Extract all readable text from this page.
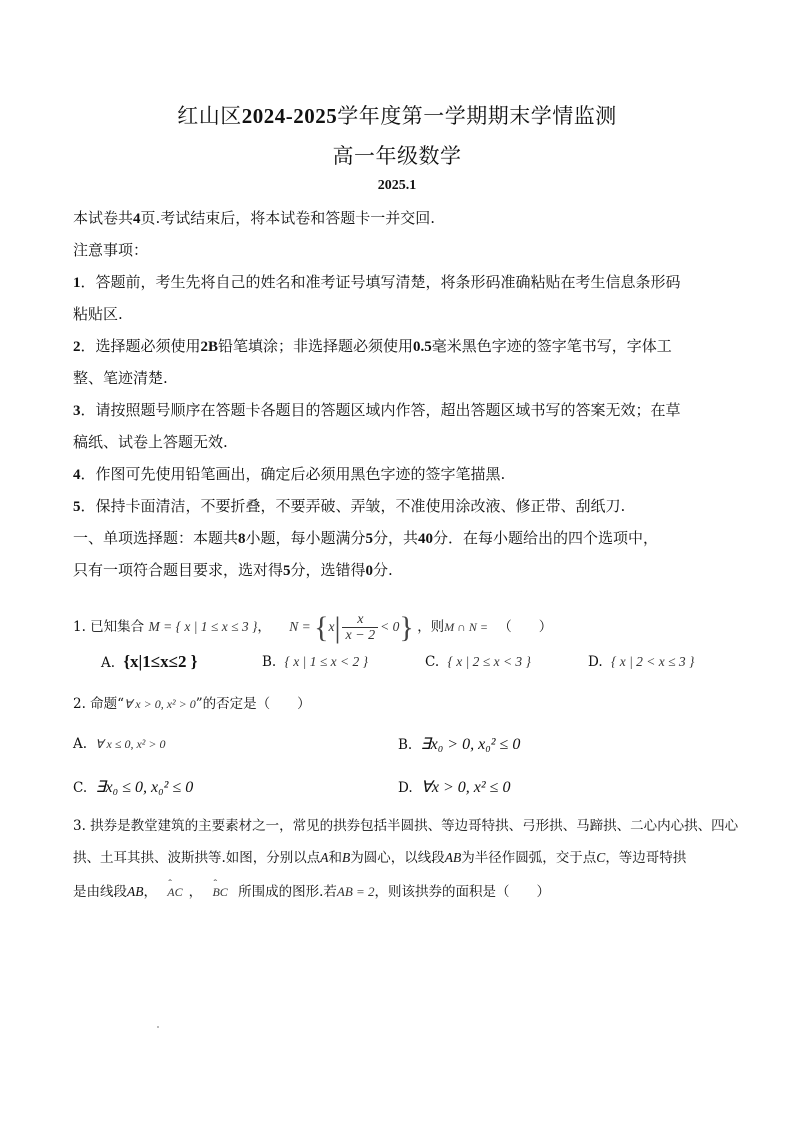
红山区2024-2025学年度第一学期期末学情监测
高一年级数学
2025.1
本试卷共4页.考试结束后，将本试卷和答题卡一并交回.
注意事项：
1．答题前，考生先将自己的姓名和准考证号填写清楚，将条形码准确粘贴在考生信息条形码
粘贴区.
2．选择题必须使用2B铅笔填涂；非选择题必须使用0.5毫米黑色字迹的签字笔书写，字体工
整、笔迹清楚.
3．请按照题号顺序在答题卡各题目的答题区域内作答，超出答题区域书写的答案无效；在草
稿纸、试卷上答题无效.
4．作图可先使用铅笔画出，确定后必须用黑色字迹的签字笔描黑.
5．保持卡面清洁，不要折叠，不要弄破、弄皱，不准使用涂改液、修正带、刮纸刀.
一、单项选择题：本题共8小题，每小题满分5分，共40分．在每小题给出的四个选项中，
只有一项符合题目要求，选对得5分，选错得0分.
1. 已知集合 M = { x | 1 ≤ x ≤ 3 }， $N = \{x| \frac{x}{x - 2} < 0\}$ ，则M ∩ N = （　　）
A. {x|1≤x≤2 }	B. { x | 1 ≤ x < 2 }	C. { x | 2 ≤ x < 3 }	D. { x | 2 < x ≤ 3 }
2. 命题“∀ x > 0, x² > 0”的否定是（　　）
A. ∀ x ≤ 0, x² > 0	B. ∃x₀ > 0, x₀² ≤ 0
C. ∃x₀ ≤ 0, x₀² ≤ 0	D. ∀x > 0, x² ≤ 0
3. 拱券是教堂建筑的主要素材之一，常见的拱券包括半圆拱、等边哥特拱、弓形拱、马蹄拱、二心内心拱、四心
拱、土耳其拱、波斯拱等.如图，分别以点A和B为圆心，以线段AB为半径作圆弧，交于点C，等边哥特拱
是由线段AB， ˆ AC ， ˆ BC 所围成的图形.若AB = 2，则该拱券的面积是（　　）
